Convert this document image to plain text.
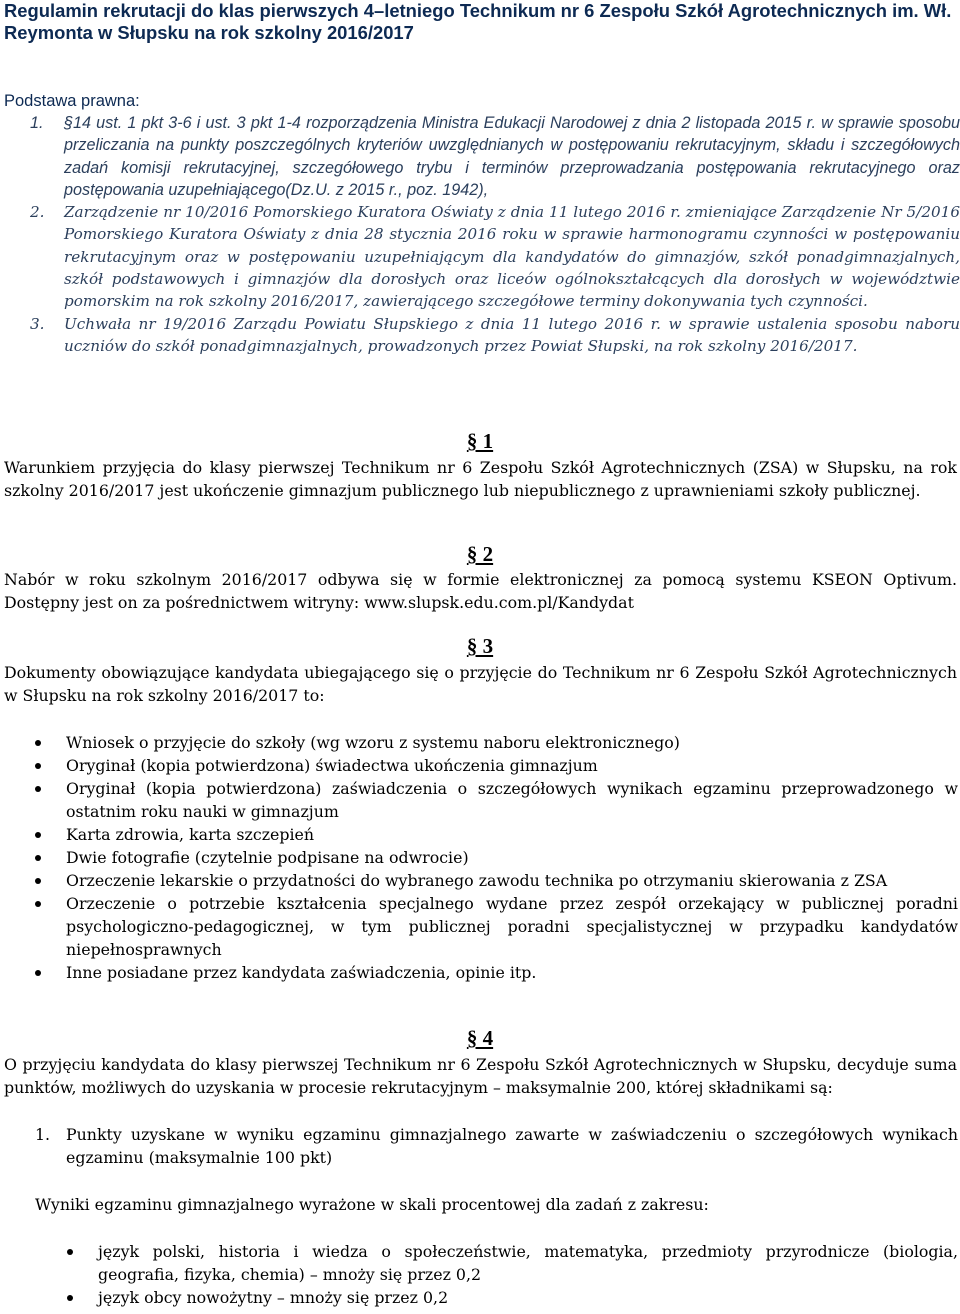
Regulamin rekrutacji do klas pierwszych 4–letniego Technikum nr 6 Zespołu Szkół Agrotechnicznych im. Wł. Reymonta w Słupsku na rok szkolny 2016/2017
Podstawa prawna:
1. §14 ust. 1 pkt 3-6 i ust. 3 pkt 1-4 rozporządzenia Ministra Edukacji Narodowej z dnia 2 listopada 2015 r. w sprawie sposobu przeliczania na punkty poszczególnych kryteriów uwzględnianych w postępowaniu rekrutacyjnym, składu i szczegółowych zadań komisji rekrutacyjnej, szczegółowego trybu i terminów przeprowadzania postępowania rekrutacyjnego oraz postępowania uzupełniającego(Dz.U. z 2015 r., poz. 1942),
2. Zarządzenie nr 10/2016 Pomorskiego Kuratora Oświaty z dnia 11 lutego 2016 r. zmieniające Zarządzenie Nr 5/2016 Pomorskiego Kuratora Oświaty z dnia 28 stycznia 2016 roku w sprawie harmonogramu czynności w postępowaniu rekrutacyjnym oraz w postępowaniu uzupełniającym dla kandydatów do gimnazjów, szkół ponadgimnazjalnych, szkół podstawowych i gimnazjów dla dorosłych oraz liceów ogólnokształcących dla dorosłych w województwie pomorskim na rok szkolny 2016/2017, zawierającego szczegółowe terminy dokonywania tych czynności.
3. Uchwała nr 19/2016 Zarządu Powiatu Słupskiego z dnia 11 lutego 2016 r. w sprawie ustalenia sposobu naboru uczniów do szkół ponadgimnazjalnych, prowadzonych przez Powiat Słupski, na rok szkolny 2016/2017.
§ 1
Warunkiem przyjęcia do klasy pierwszej Technikum nr 6 Zespołu Szkół Agrotechnicznych (ZSA) w Słupsku, na rok szkolny 2016/2017 jest ukończenie gimnazjum publicznego lub niepublicznego z uprawnieniami szkoły publicznej.
§ 2
Nabór w roku szkolnym 2016/2017 odbywa się w formie elektronicznej za pomocą systemu KSEON Optivum. Dostępny jest on za pośrednictwem witryny: www.slupsk.edu.com.pl/Kandydat
§ 3
Dokumenty obowiązujące kandydata ubiegającego się o przyjęcie do Technikum nr 6 Zespołu Szkół Agrotechnicznych w Słupsku na rok szkolny 2016/2017 to:
Wniosek o przyjęcie do szkoły (wg wzoru z systemu naboru elektronicznego)
Oryginał (kopia potwierdzona) świadectwa ukończenia gimnazjum
Oryginał (kopia potwierdzona) zaświadczenia o szczegółowych wynikach egzaminu przeprowadzonego w ostatnim roku nauki w gimnazjum
Karta zdrowia, karta szczepień
Dwie fotografie (czytelnie podpisane na odwrocie)
Orzeczenie lekarskie o przydatności do wybranego zawodu technika po otrzymaniu skierowania z ZSA
Orzeczenie o potrzebie kształcenia specjalnego wydane przez zespół orzekający w publicznej poradni psychologiczno-pedagogicznej, w tym publicznej poradni specjalistycznej w przypadku kandydatów niepełnosprawnych
Inne posiadane przez kandydata zaświadczenia, opinie itp.
§ 4
O przyjęciu kandydata do klasy pierwszej Technikum nr 6 Zespołu Szkół Agrotechnicznych w Słupsku, decyduje suma punktów, możliwych do uzyskania w procesie rekrutacyjnym – maksymalnie 200, której składnikami są:
1. Punkty uzyskane w wyniku egzaminu gimnazjalnego zawarte w zaświadczeniu o szczegółowych wynikach egzaminu (maksymalnie 100 pkt)
Wyniki egzaminu gimnazjalnego wyrażone w skali procentowej dla zadań z zakresu:
język polski, historia i wiedza o społeczeństwie, matematyka, przedmioty przyrodnicze (biologia, geografia, fizyka, chemia) – mnoży się przez 0,2
język obcy nowożytny – mnoży się przez 0,2
